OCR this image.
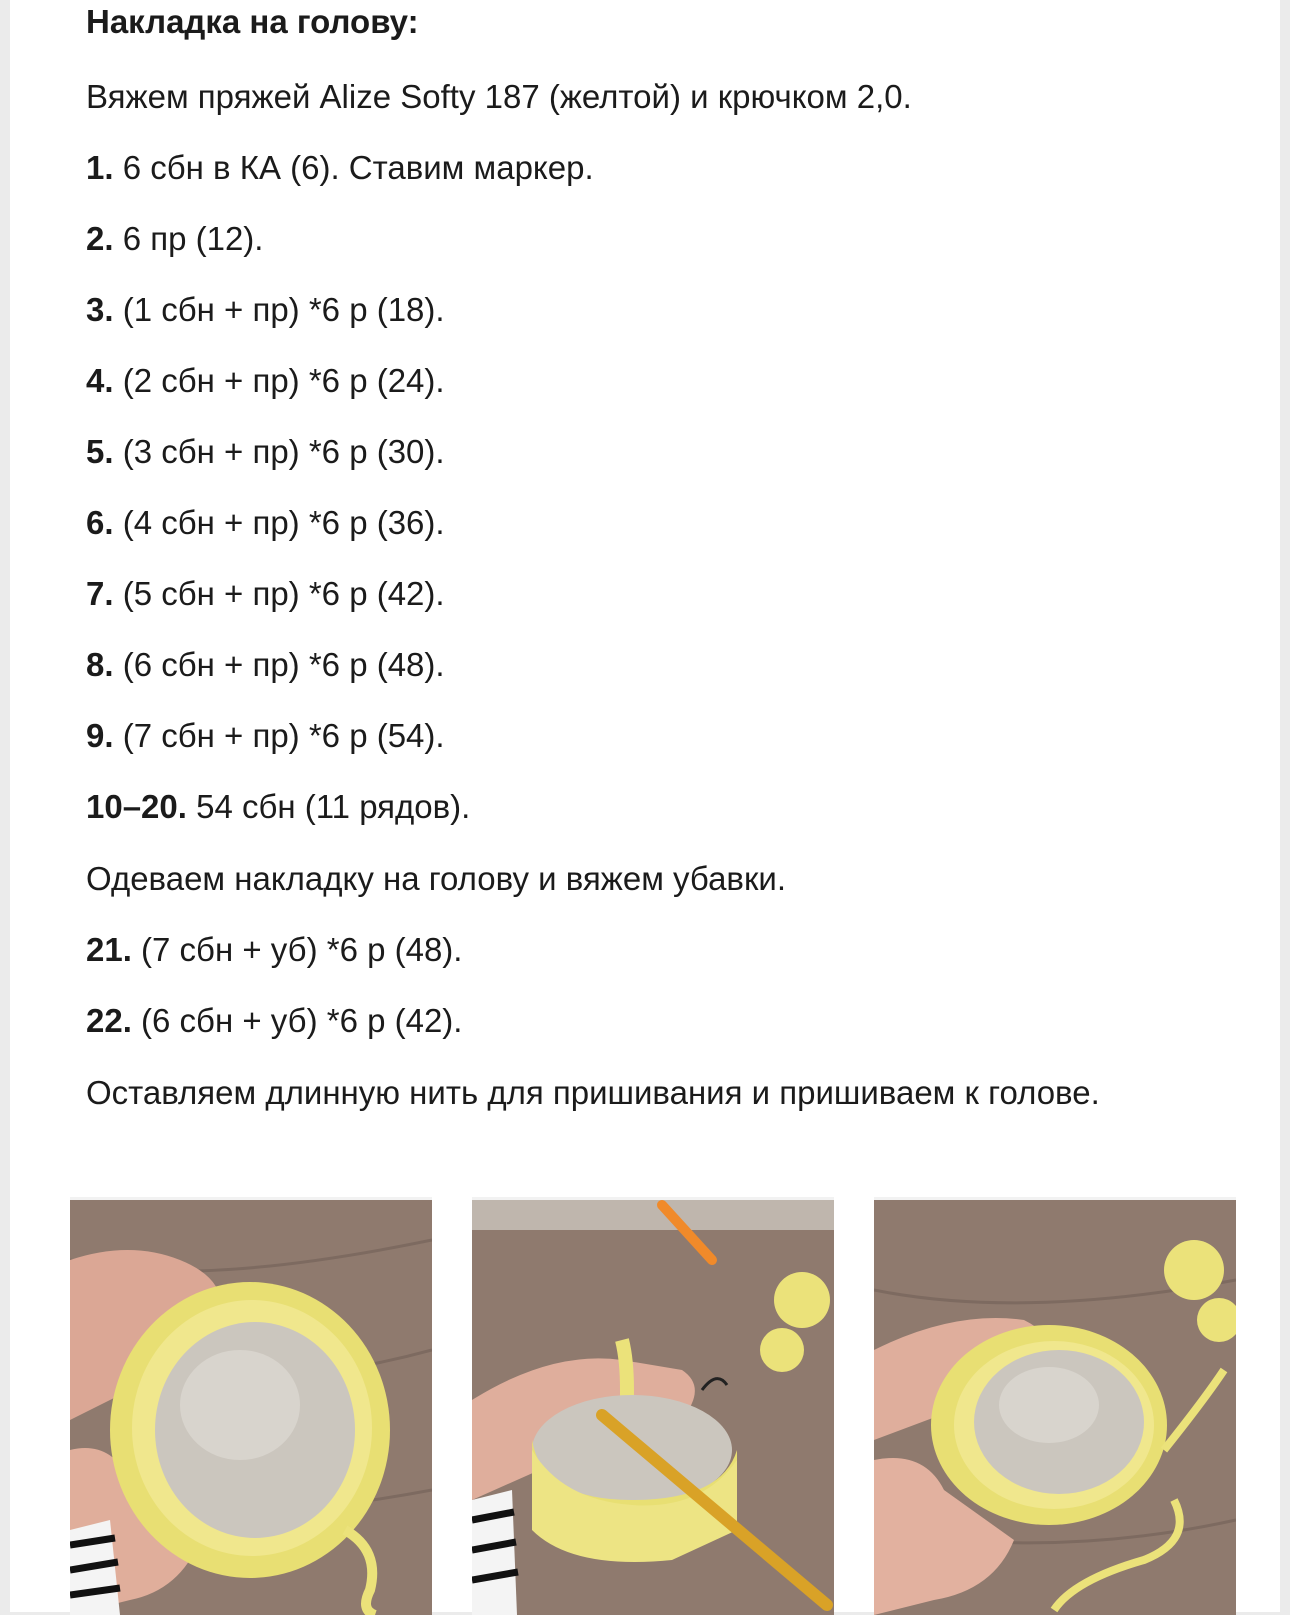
Накладка на голову:
Вяжем пряжей Alize Softy 187 (желтой) и крючком 2,0.
1. 6 сбн в КА (6). Ставим маркер.
2. 6 пр (12).
3. (1 сбн + пр) *6 р (18).
4. (2 сбн + пр) *6 р (24).
5. (3 сбн + пр) *6 р (30).
6. (4 сбн + пр) *6 р (36).
7. (5 сбн + пр) *6 р (42).
8. (6 сбн + пр) *6 р (48).
9. (7 сбн + пр) *6 р (54).
10–20. 54 сбн (11 рядов).
Одеваем накладку на голову и вяжем убавки.
21. (7 сбн + уб) *6 р (48).
22. (6 сбн + уб) *6 р (42).
Оставляем длинную нить для пришивания и пришиваем к голове.
